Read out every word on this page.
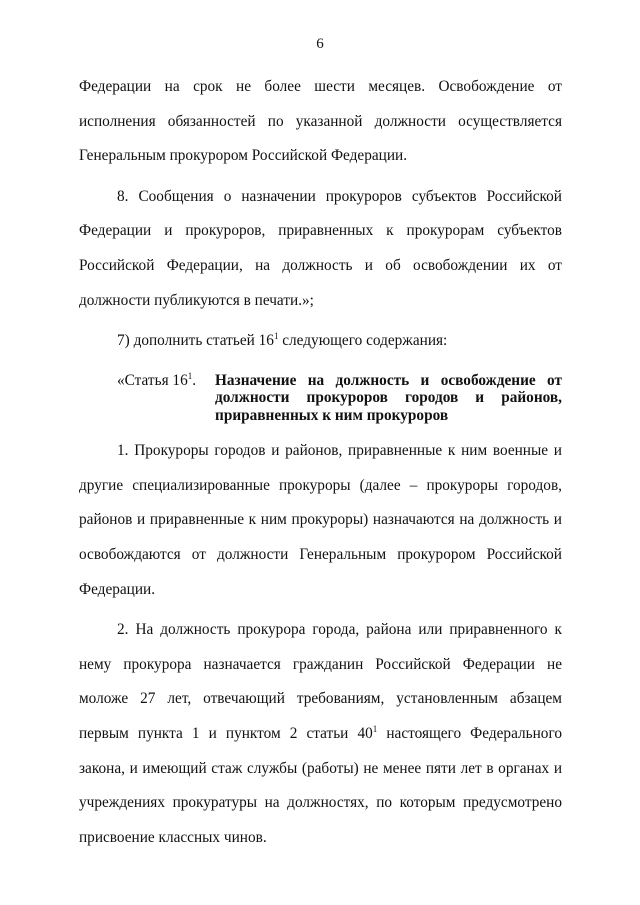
6

Федерации на срок не более шести месяцев. Освобождение от исполнения обязанностей по указанной должности осуществляется Генеральным прокурором Российской Федерации.

8. Сообщения о назначении прокуроров субъектов Российской Федерации и прокуроров, приравненных к прокурорам субъектов Российской Федерации, на должность и об освобождении их от должности публикуются в печати.»;

7) дополнить статьей $16^1$ следующего содержания:

«Статья $16^1$.	Назначение на должность и освобождение от должности прокуроров городов и районов, приравненных к ним прокуроров

1. Прокуроры городов и районов, приравненные к ним военные и другие специализированные прокуроры (далее – прокуроры городов, районов и приравненные к ним прокуроры) назначаются на должность и освобождаются от должности Генеральным прокурором Российской Федерации.

2. На должность прокурора города, района или приравненного к нему прокурора назначается гражданин Российской Федерации не моложе 27 лет, отвечающий требованиям, установленным абзацем первым пункта 1 и пунктом 2 статьи $40^1$ настоящего Федерального закона, и имеющий стаж службы (работы) не менее пяти лет в органах и учреждениях прокуратуры на должностях, по которым предусмотрено присвоение классных чинов.
